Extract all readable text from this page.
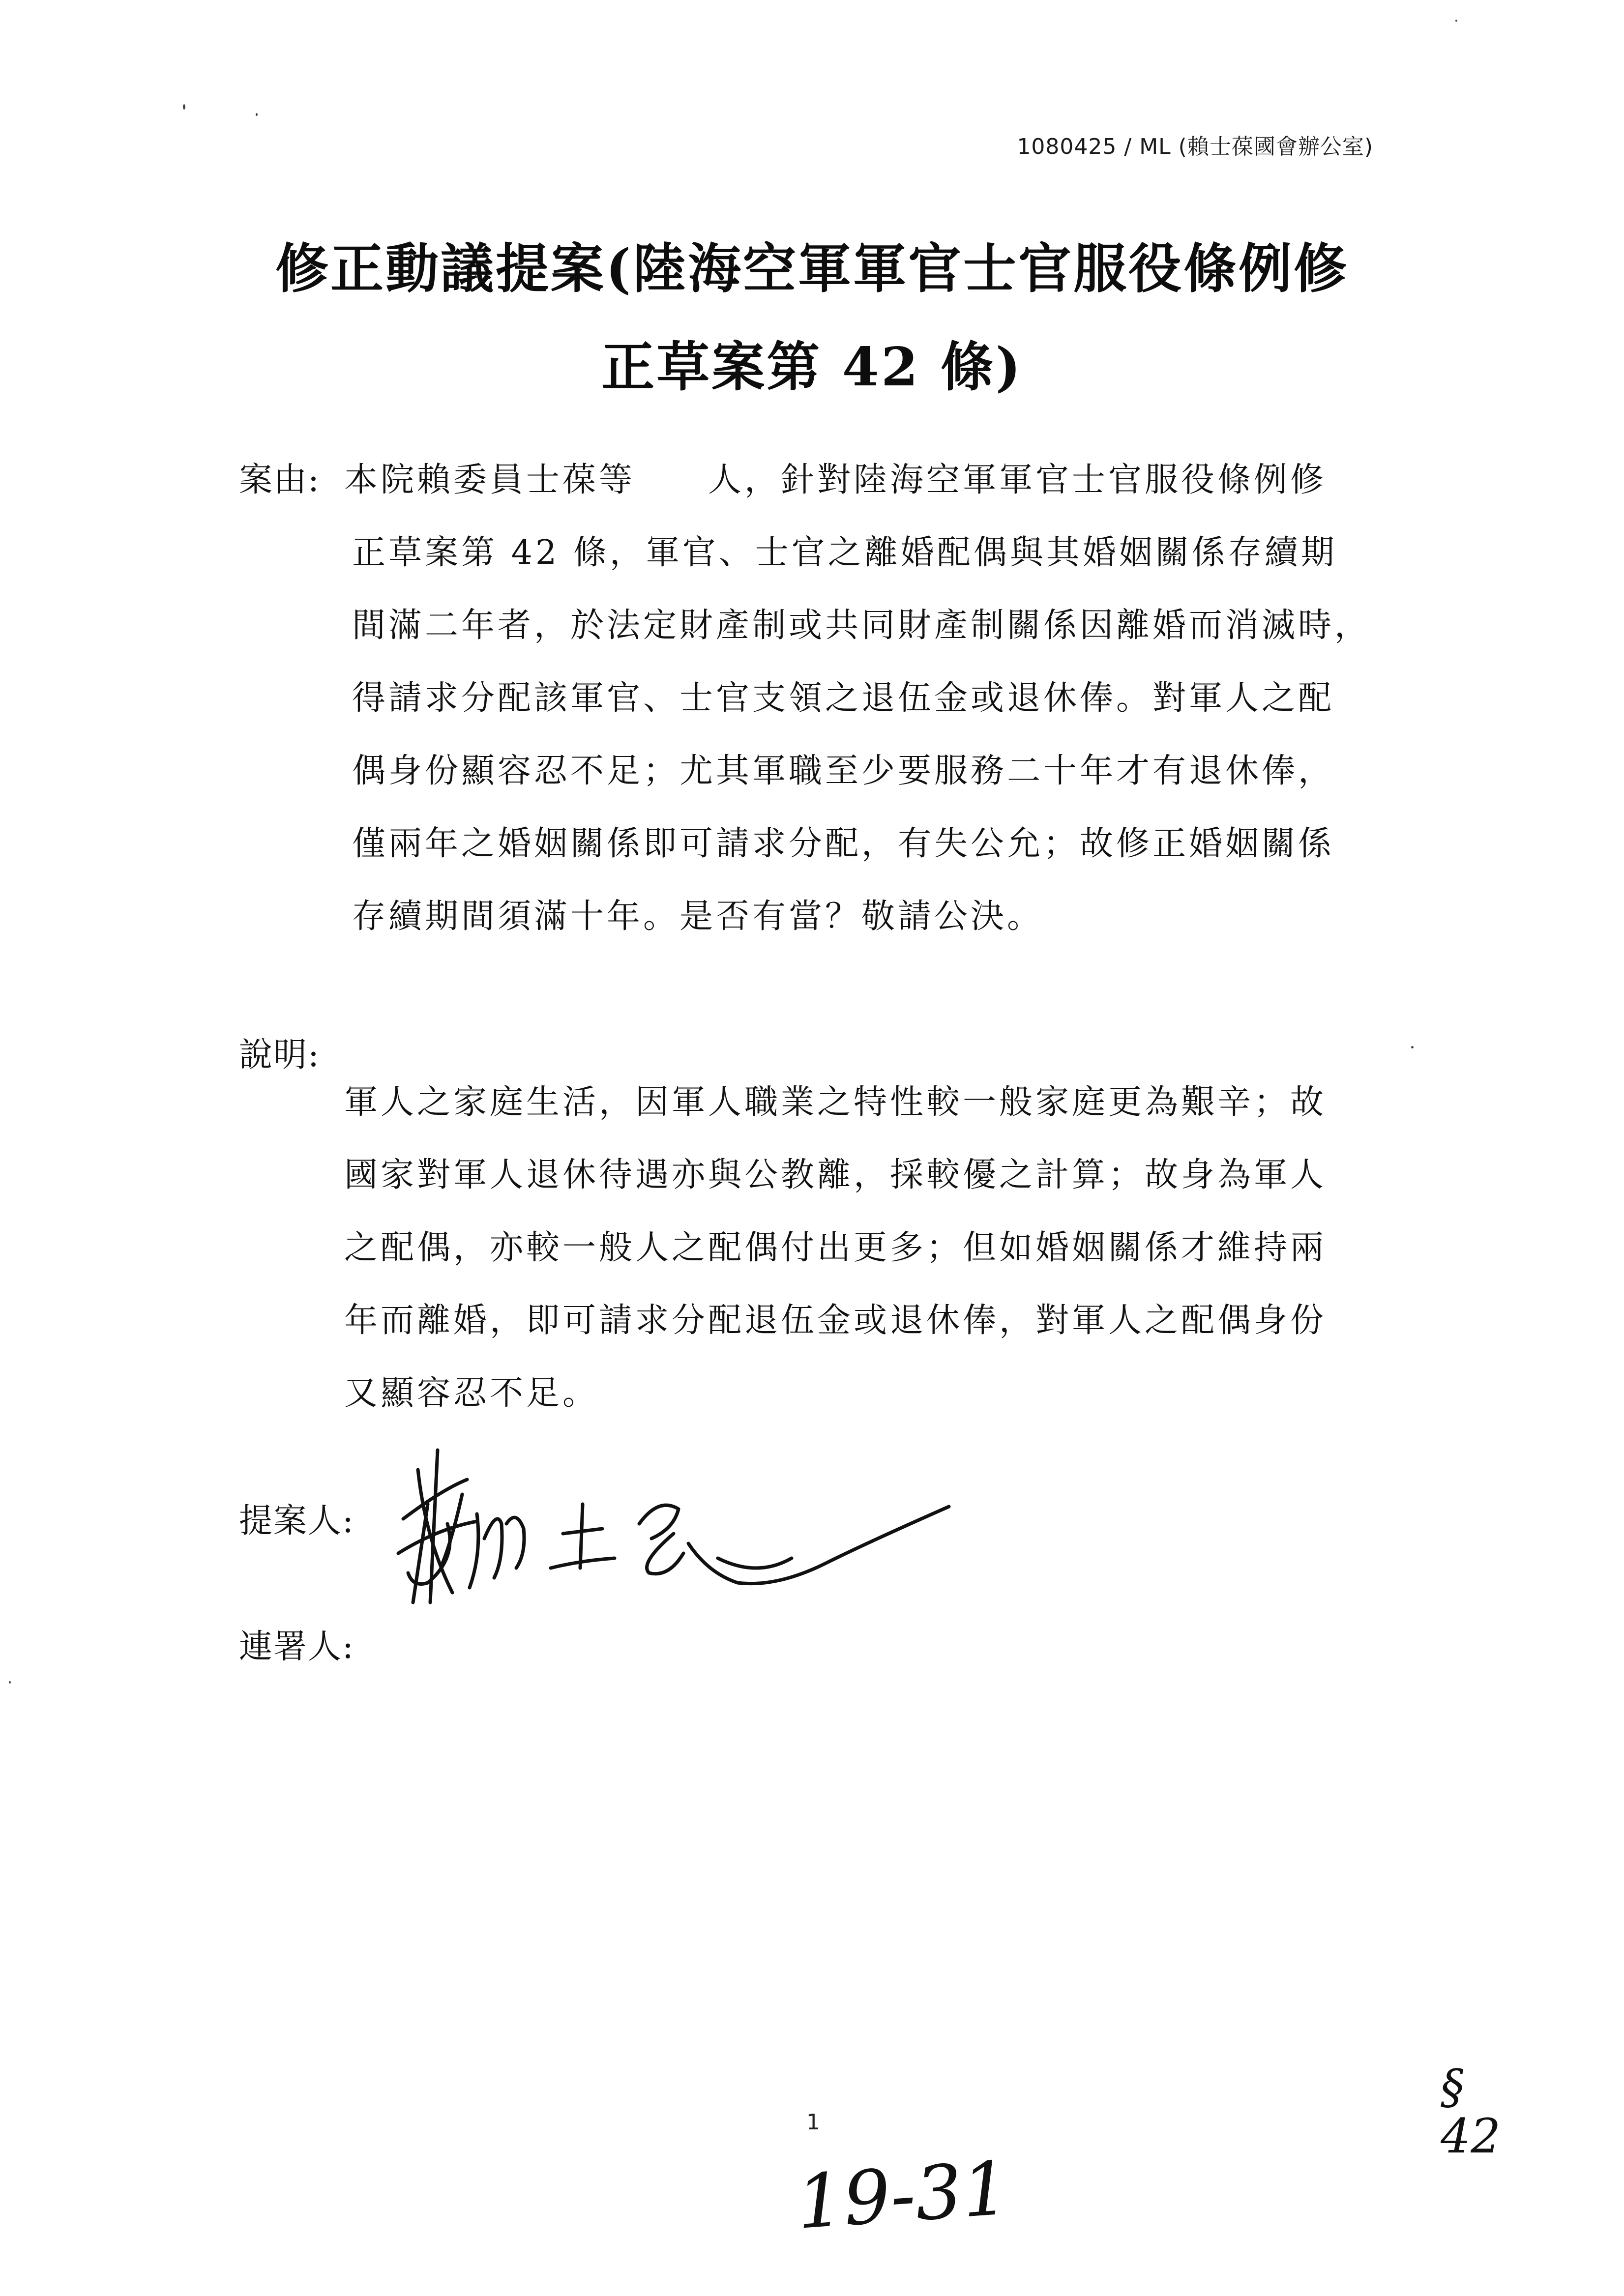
1080425 / ML (賴士葆國會辦公室)
修正動議提案(陸海空軍軍官士官服役條例修
正草案第 42 條)
案由: 本院賴委員士葆等　　人，針對陸海空軍軍官士官服役條例修
正草案第 42 條，軍官、士官之離婚配偶與其婚姻關係存續期
間滿二年者，於法定財產制或共同財產制關係因離婚而消滅時，
得請求分配該軍官、士官支領之退伍金或退休俸。對軍人之配
偶身份顯容忍不足；尤其軍職至少要服務二十年才有退休俸，
僅兩年之婚姻關係即可請求分配，有失公允；故修正婚姻關係
存續期間須滿十年。是否有當？敬請公決。
說明:
軍人之家庭生活，因軍人職業之特性較一般家庭更為艱辛；故
國家對軍人退休待遇亦與公教離，採較優之計算；故身為軍人
之配偶，亦較一般人之配偶付出更多；但如婚姻關係才維持兩
年而離婚，即可請求分配退伍金或退休俸，對軍人之配偶身份
又顯容忍不足。
提案人:
連署人:
1
19-31
§
42
